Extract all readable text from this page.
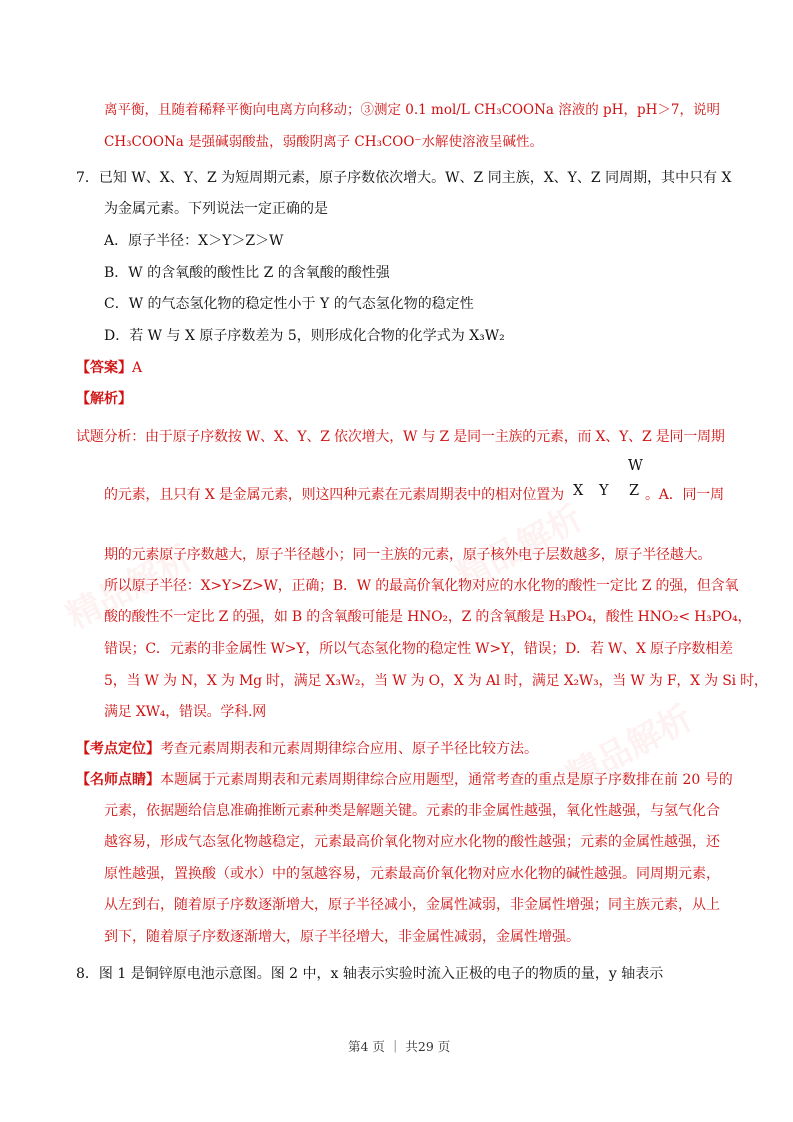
精品解析	精品解析
精品解析
离平衡，且随着稀释平衡向电离方向移动；③测定 0.1 mol/L CH₃COONa 溶液的 pH，pH＞7，说明
CH₃COONa 是强碱弱酸盐，弱酸阴离子 CH₃COO⁻水解使溶液呈碱性。
7．已知 W、X、Y、Z 为短周期元素，原子序数依次增大。W、Z 同主族，X、Y、Z 同周期，其中只有 X
为金属元素。下列说法一定正确的是
A．原子半径：X＞Y＞Z＞W
B．W 的含氧酸的酸性比 Z 的含氧酸的酸性强
C．W 的气态氢化物的稳定性小于 Y 的气态氢化物的稳定性
D．若 W 与 X 原子序数差为 5，则形成化合物的化学式为 X₃W₂
【答案】A
【解析】
试题分析：由于原子序数按 W、X、Y、Z 依次增大，W 与 Z 是同一主族的元素，而 X、Y、Z 是同一周期
的元素，且只有 X 是金属元素，则这四种元素在元素周期表中的相对位置为
W
X Y Z 。A．同一周
期的元素原子序数越大，原子半径越小；同一主族的元素，原子核外电子层数越多，原子半径越大。
所以原子半径：X>Y>Z>W，正确；B．W 的最高价氧化物对应的水化物的酸性一定比 Z 的强，但含氧
酸的酸性不一定比 Z 的强，如 B 的含氧酸可能是 HNO₂，Z 的含氧酸是 H₃PO₄，酸性 HNO₂< H₃PO₄，
错误；C．元素的非金属性 W>Y，所以气态氢化物的稳定性 W>Y，错误；D．若 W、X 原子序数相差
5，当 W 为 N，X 为 Mg 时，满足 X₃W₂，当 W 为 O，X 为 Al 时，满足 X₂W₃，当 W 为 F，X 为 Si 时，
满足 XW₄，错误。学科.网
【考点定位】考查元素周期表和元素周期律综合应用、原子半径比较方法。
【名师点睛】本题属于元素周期表和元素周期律综合应用题型，通常考查的重点是原子序数排在前 20 号的
元素，依据题给信息准确推断元素种类是解题关键。元素的非金属性越强，氧化性越强，与氢气化合
越容易，形成气态氢化物越稳定，元素最高价氧化物对应水化物的酸性越强；元素的金属性越强，还
原性越强，置换酸（或水）中的氢越容易，元素最高价氧化物对应水化物的碱性越强。同周期元素，
从左到右，随着原子序数逐渐增大，原子半径减小，金属性减弱，非金属性增强；同主族元素，从上
到下，随着原子序数逐渐增大，原子半径增大，非金属性减弱，金属性增强。
8．图 1 是铜锌原电池示意图。图 2 中，x 轴表示实验时流入正极的电子的物质的量，y 轴表示
第4 页 ｜ 共29 页
